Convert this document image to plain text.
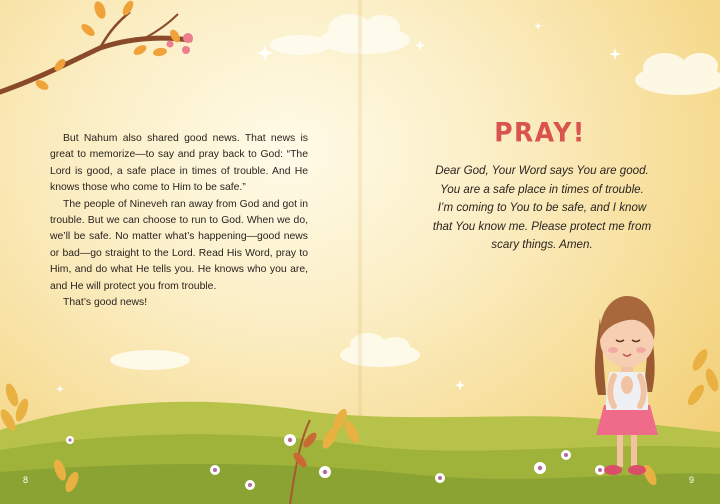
But Nahum also shared good news. That news is great to memorize—to say and pray back to God: “The Lord is good, a safe place in times of trouble. And He knows those who come to Him to be safe.”

The people of Nineveh ran away from God and got in trouble. But we can choose to run to God. When we do, we’ll be safe. No matter what’s happening—good news or bad—go straight to the Lord. Read His Word, pray to Him, and do what He tells you. He knows who you are, and He will protect you from trouble.

That’s good news!

8
PRAY!
Dear God, Your Word says You are good. You are a safe place in times of trouble. I’m coming to You to be safe, and I know that You know me. Please protect me from scary things. Amen.
9
